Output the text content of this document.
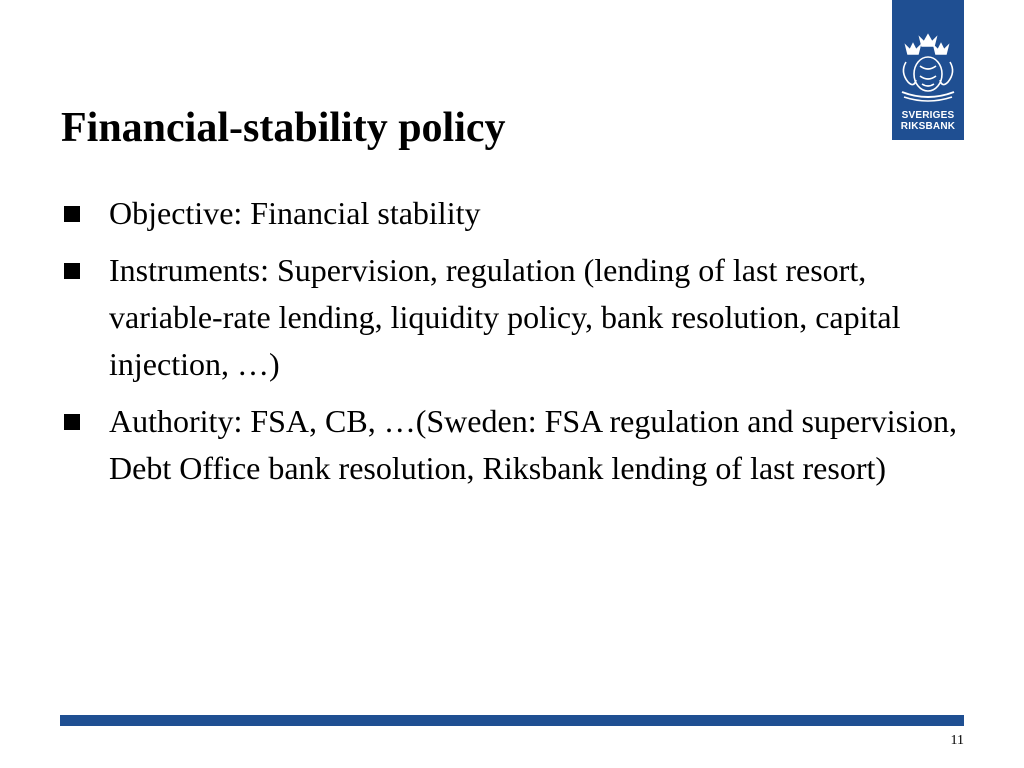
SVERIGES
RIKSBANK
Financial-stability policy
Objective: Financial stability
Instruments: Supervision, regulation (lending of last resort, variable-rate lending, liquidity policy, bank resolution, capital injection, …)
Authority: FSA, CB, …(Sweden: FSA regulation and supervision, Debt Office bank resolution, Riksbank lending of last resort)
11
